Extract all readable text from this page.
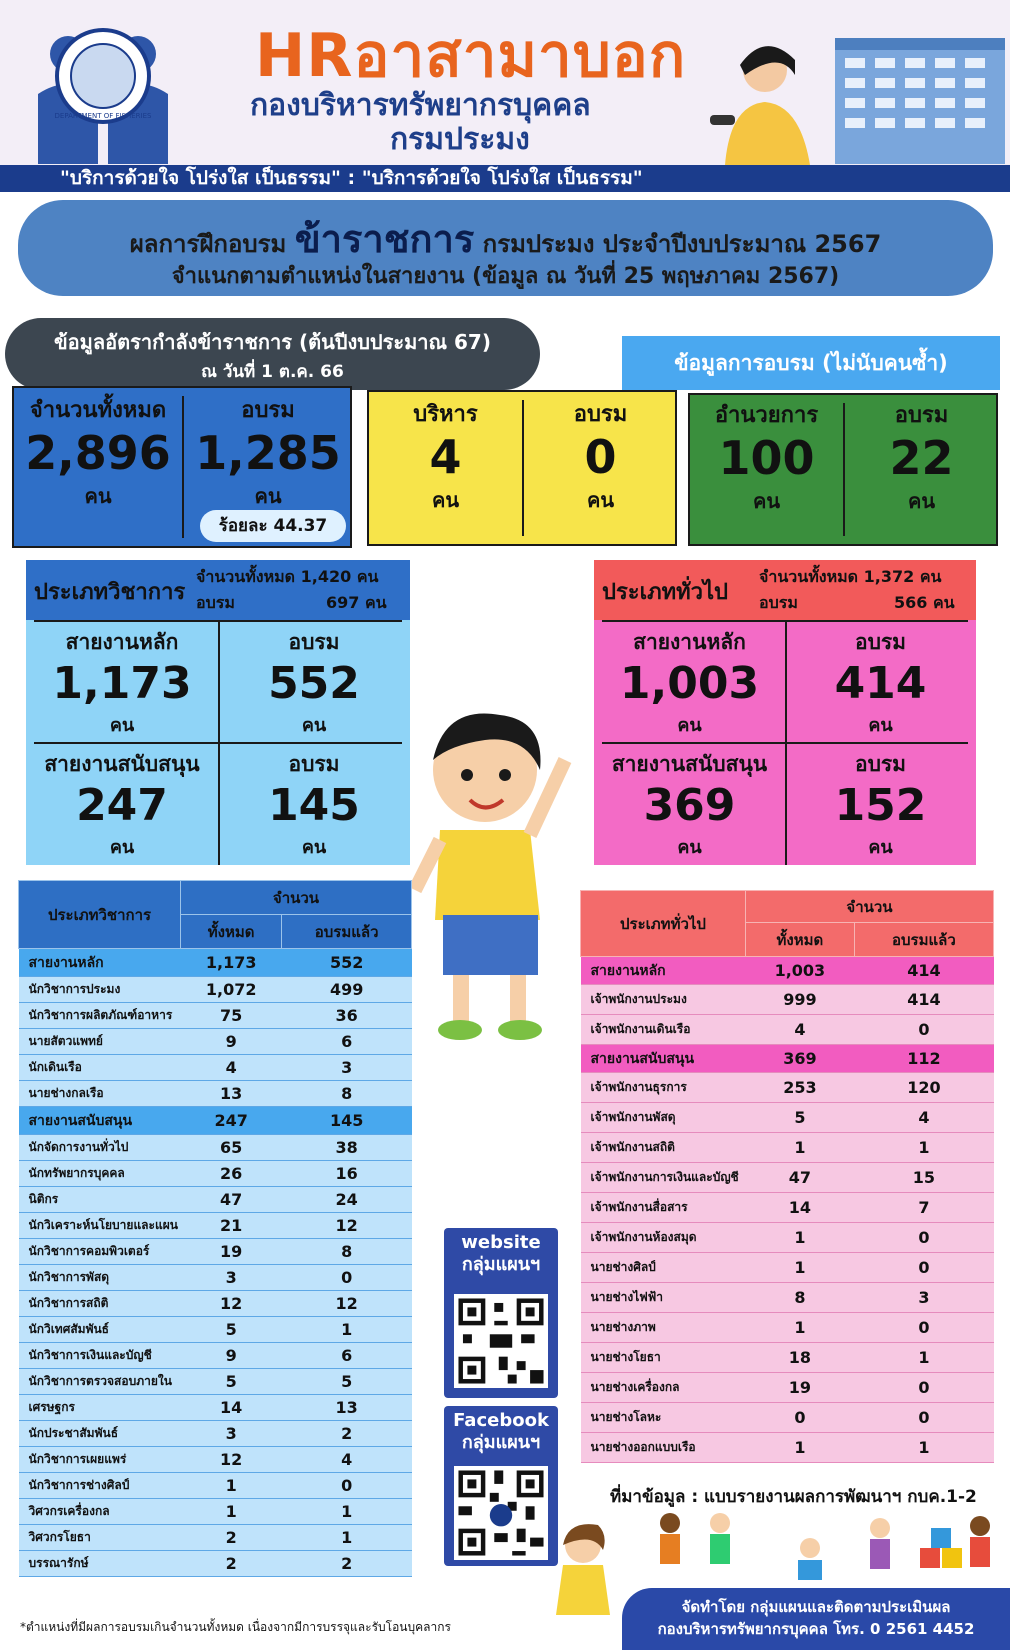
DEPARTMENT OF FISHERIES
HRอาสามาบอก
กองบริหารทรัพยากรบุคคล
กรมประมง
"บริการด้วยใจ โปร่งใส เป็นธรรม" : "บริการด้วยใจ โปร่งใส เป็นธรรม"
ผลการฝึกอบรม ข้าราชการ กรมประมง ประจำปีงบประมาณ 2567
จำแนกตามตำแหน่งในสายงาน (ข้อมูล ณ วันที่ 25 พฤษภาคม 2567)
ข้อมูลอัตรากำลังข้าราชการ (ต้นปีงบประมาณ 67)
ณ วันที่ 1 ต.ค. 66	ข้อมูลการอบรม (ไม่นับคนซ้ำ)
จำนวนทั้งหมด
2,896
คน
อบรม
1,285
คน
ร้อยละ 44.37
บริหาร
4
คน
อบรม
0
คน
อำนวยการ
100
คน
อบรม
22
คน
ประเภทวิชาการ
จำนวนทั้งหมด 1,420 คน
อบรม	697 คน
สายงานหลัก
1,173
คน
อบรม
552
คน
สายงานสนับสนุน
247
คน
อบรม
145
คน
ประเภททั่วไป
จำนวนทั้งหมด 1,372 คน
อบรม	566 คน
สายงานหลัก
1,003
คน
อบรม
414
คน
สายงานสนับสนุน
369
คน
อบรม
152
คน
ประเภทวิชาการ	จำนวน	
	ทั้งหมด	อบรมแล้ว
สายงานหลัก	1,173	552
นักวิชาการประมง	1,072	499
นักวิชาการผลิตภัณฑ์อาหาร	75	36
นายสัตวแพทย์	9	6
นักเดินเรือ	4	3
นายช่างกลเรือ	13	8
สายงานสนับสนุน	247	145
นักจัดการงานทั่วไป	65	38
นักทรัพยากรบุคคล	26	16
นิติกร	47	24
นักวิเคราะห์นโยบายและแผน	21	12
นักวิชาการคอมพิวเตอร์	19	8
นักวิชาการพัสดุ	3	0
นักวิชาการสถิติ	12	12
นักวิเทศสัมพันธ์	5	1
นักวิชาการเงินและบัญชี	9	6
นักวิชาการตรวจสอบภายใน	5	5
เศรษฐกร	14	13
นักประชาสัมพันธ์	3	2
นักวิชาการเผยแพร่	12	4
นักวิชาการช่างศิลป์	1	0
วิศวกรเครื่องกล	1	1
วิศวกรโยธา	2	1
บรรณารักษ์	2	2
ประเภททั่วไป	จำนวน	
	ทั้งหมด	อบรมแล้ว
สายงานหลัก	1,003	414
เจ้าพนักงานประมง	999	414
เจ้าพนักงานเดินเรือ	4	0
สายงานสนับสนุน	369	112
เจ้าพนักงานธุรการ	253	120
เจ้าพนักงานพัสดุ	5	4
เจ้าพนักงานสถิติ	1	1
เจ้าพนักงานการเงินและบัญชี	47	15
เจ้าพนักงานสื่อสาร	14	7
เจ้าพนักงานห้องสมุด	1	0
นายช่างศิลป์	1	0
นายช่างไฟฟ้า	8	3
นายช่างภาพ	1	0
นายช่างโยธา	18	1
นายช่างเครื่องกล	19	0
นายช่างโลหะ	0	0
นายช่างออกแบบเรือ	1	1
website
กลุ่มแผนฯ
Facebook
กลุ่มแผนฯ
ที่มาข้อมูล : แบบรายงานผลการพัฒนาฯ กบค.1-2
จัดทำโดย กลุ่มแผนและติดตามประเมินผล
กองบริหารทรัพยากรบุคคล โทร. 0 2561 4452
*ตำแหน่งที่มีผลการอบรมเกินจำนวนทั้งหมด เนื่องจากมีการบรรจุและรับโอนบุคลากร
